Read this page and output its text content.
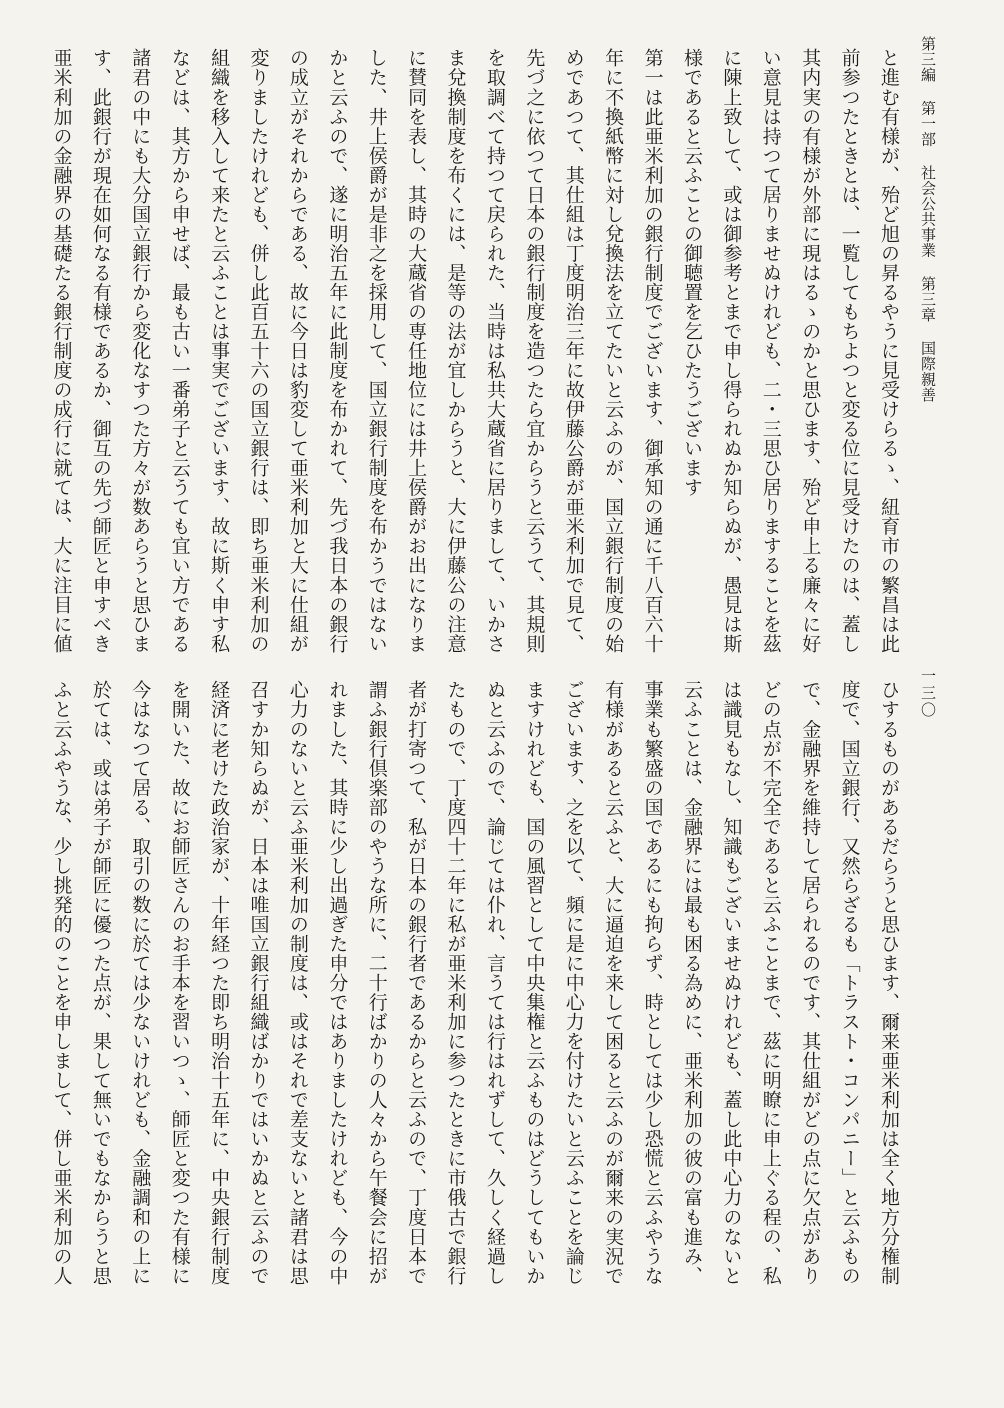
第三編第一部社会公共事業第三章国際親善
一三〇
と進む有様が、殆ど旭の昇るやうに見受けらるゝ、紐育市の繁昌は此
前参つたときとは、一覧してもちよつと変る位に見受けたのは、蓋し
其内実の有様が外部に現はるゝのかと思ひます、殆ど申上る廉々に好
い意見は持つて居りませぬけれども、二・三思ひ居りますることを茲
に陳上致して、或は御参考とまで申し得られぬか知らぬが、愚見は斯
様であると云ふことの御聴置を乞ひたうございます
第一は此亜米利加の銀行制度でございます、御承知の通に千八百六十
年に不換紙幣に対し兌換法を立てたいと云ふのが、国立銀行制度の始
めであつて、其仕組は丁度明治三年に故伊藤公爵が亜米利加で見て、
先づ之に依つて日本の銀行制度を造つたら宜からうと云うて、其規則
を取調べて持つて戻られた、当時は私共大蔵省に居りまして、いかさ
ま兌換制度を布くには、是等の法が宜しからうと、大に伊藤公の注意
に賛同を表し、其時の大蔵省の専任地位には井上侯爵がお出になりま
した、井上侯爵が是非之を採用して、国立銀行制度を布かうではない
かと云ふので、遂に明治五年に此制度を布かれて、先づ我日本の銀行
の成立がそれからである、故に今日は豹変して亜米利加と大に仕組が
変りましたけれども、併し此百五十六の国立銀行は、即ち亜米利加の
組織を移入して来たと云ふことは事実でございます、故に斯く申す私
などは、其方から申せば、最も古い一番弟子と云うても宜い方である
諸君の中にも大分国立銀行から変化なすつた方々が数あらうと思ひま
す、此銀行が現在如何なる有様であるか、御互の先づ師匠と申すべき
亜米利加の金融界の基礎たる銀行制度の成行に就ては、大に注目に値
ひするものがあるだらうと思ひます、爾来亜米利加は全く地方分権制
度で、国立銀行、又然らざるも「トラスト・コンパニー」と云ふもの
で、金融界を維持して居られるのです、其仕組がどの点に欠点があり
どの点が不完全であると云ふことまで、茲に明瞭に申上ぐる程の、私
は識見もなし、知識もございませぬけれども、蓋し此中心力のないと
云ふことは、金融界には最も困る為めに、亜米利加の彼の富も進み、
事業も繁盛の国であるにも拘らず、時としては少し恐慌と云ふやうな
有様があると云ふと、大に逼迫を来して困ると云ふのが爾来の実況で
ございます、之を以て、頻に是に中心力を付けたいと云ふことを論じ
ますけれども、国の風習として中央集権と云ふものはどうしてもいか
ぬと云ふので、論じては仆れ、言うては行はれずして、久しく経過し
たもので、丁度四十二年に私が亜米利加に参つたときに市俄古で銀行
者が打寄つて、私が日本の銀行者であるからと云ふので、丁度日本で
謂ふ銀行倶楽部のやうな所に、二十行ばかりの人々から午餐会に招が
れました、其時に少し出過ぎた申分ではありましたけれども、今の中
心力のないと云ふ亜米利加の制度は、或はそれで差支ないと諸君は思
召すか知らぬが、日本は唯国立銀行組織ばかりではいかぬと云ふので
経済に老けた政治家が、十年経つた即ち明治十五年に、中央銀行制度
を開いた、故にお師匠さんのお手本を習いつゝ、師匠と変つた有様に
今はなつて居る、取引の数に於ては少ないけれども、金融調和の上に
於ては、或は弟子が師匠に優つた点が、果して無いでもなからうと思
ふと云ふやうな、少し挑発的のことを申しまして、併し亜米利加の人
